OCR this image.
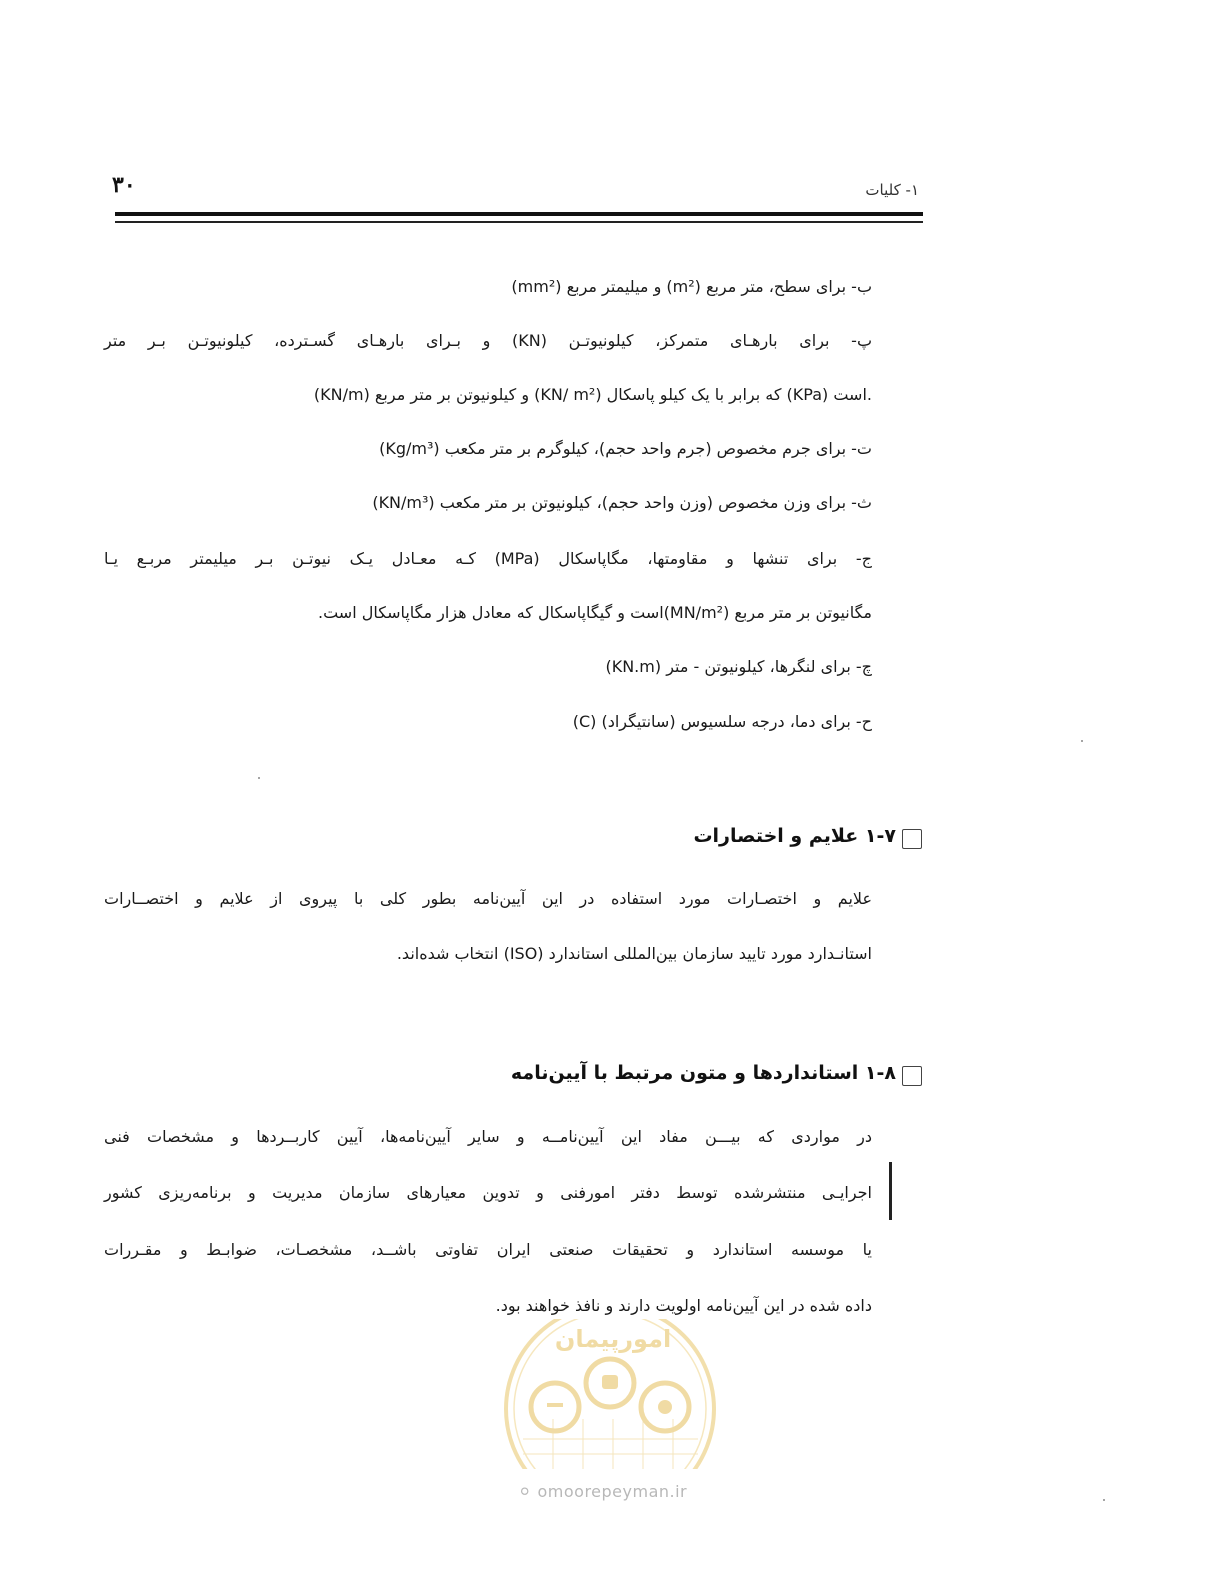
۳۰	۱- کلیات
ب- برای سطح، متر مربع (m²) و میلیمتر مربع (mm²)
پ- برای بارهـای متمرکز، کیلونیوتـن (KN) و بـرای بارهـای گسـترده، کیلونیوتـن بـر متر
(KN/m) و کیلونیوتن بر متر مربع (KN/ m²) که برابر با یک کیلو پاسکال (KPa) است.
ت- برای جرم مخصوص (جرم واحد حجم)، کیلوگرم بر متر مکعب (Kg/m³)
ث- برای وزن مخصوص (وزن واحد حجم)، کیلونیوتن بر متر مکعب (KN/m³)
ج- برای تنشها و مقاومتها، مگاپاسکال (MPa) کـه معـادل یـک نیوتـن بـر میلیمتر مربـع یـا
مگانیوتن بر متر مربع (MN/m²)است و گیگاپاسکال که معادل هزار مگاپاسکال است.
چ- برای لنگرها، کیلونیوتن - متر (KN.m)
ح- برای دما، درجه سلسیوس (سانتیگراد) (C)
۱-۷ علایم و اختصارات
علایم و اختصـارات مورد استفاده در این آیین‌نامه بطور کلی با پیروی از علایم و اختصــارات
استانـدارد مورد تایید سازمان بین‌المللی استاندارد (ISO) انتخاب شده‌اند.
۱-۸ استانداردها و متون مرتبط با آیین‌نامه
در مواردی که بیـــن مفاد این آیین‌نامــه و سایر آیین‌نامه‌ها، آیین کاربــردها و مشخصات فنی
اجرایـی منتشرشده توسط دفتر امورفنی و تدوین معیارهای سازمان مدیریت و برنامه‌ریزی کشور
یا موسسه استاندارد و تحقیقات صنعتی ایران تفاوتی باشــد، مشخصـات، ضوابـط و مقـررات
داده شده در این آیین‌نامه اولویت دارند و نافذ خواهند بود.
امورپیمان
⚪ omoorepeyman.ir
